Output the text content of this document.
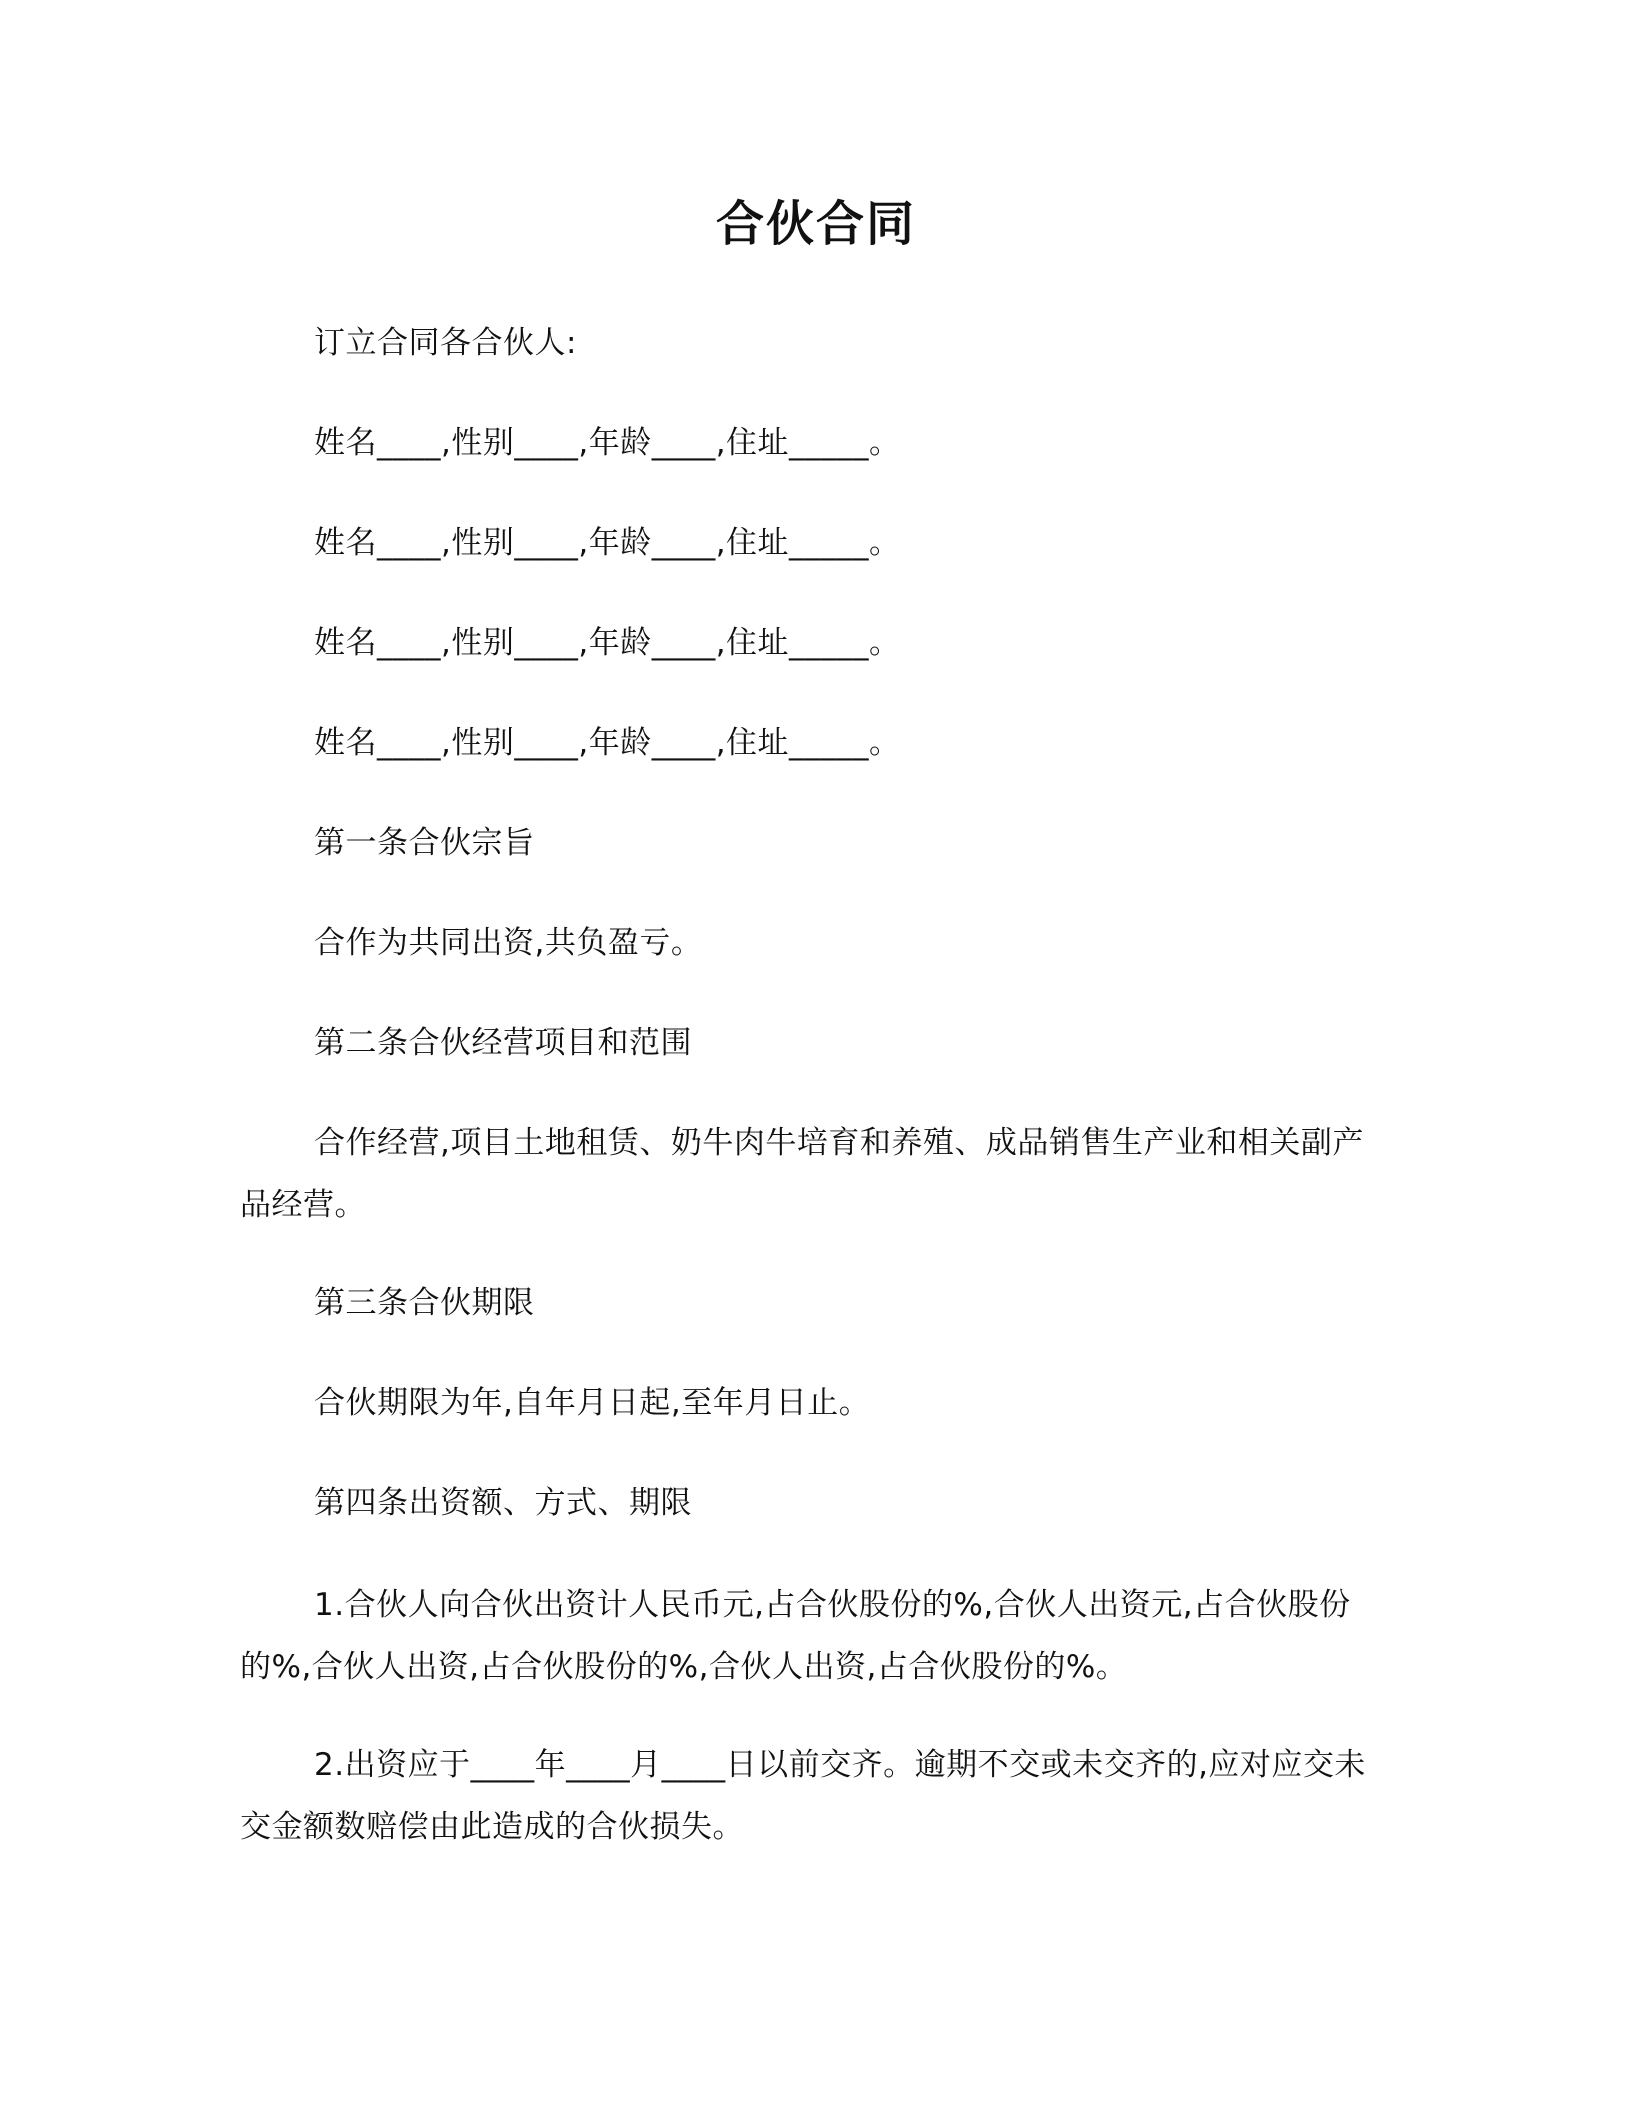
合伙合同
订立合同各合伙人:
姓名____,性别____,年龄____,住址_____。
姓名____,性别____,年龄____,住址_____。
姓名____,性别____,年龄____,住址_____。
姓名____,性别____,年龄____,住址_____。
第一条合伙宗旨
合作为共同出资,共负盈亏。
第二条合伙经营项目和范围
合作经营,项目土地租赁、奶牛肉牛培育和养殖、成品销售生产业和相关副产品经营。
第三条合伙期限
合伙期限为年,自年月日起,至年月日止。
第四条出资额、方式、期限
1.合伙人向合伙出资计人民币元,占合伙股份的%,合伙人出资元,占合伙股份的%,合伙人出资,占合伙股份的%,合伙人出资,占合伙股份的%。
2.出资应于____年____月____日以前交齐。逾期不交或未交齐的,应对应交未交金额数赔偿由此造成的合伙损失。
